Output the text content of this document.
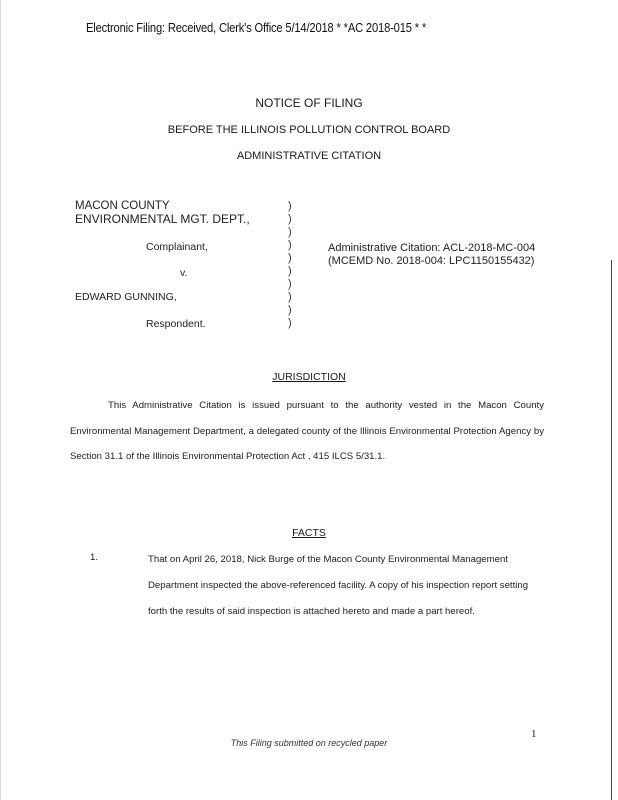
Electronic Filing: Received, Clerk's Office 5/14/2018 * *AC 2018-015 * *
NOTICE OF FILING
BEFORE THE ILLINOIS POLLUTION CONTROL BOARD
ADMINISTRATIVE CITATION
MACON COUNTY
ENVIRONMENTAL MGT. DEPT.,
Complainant,
v.
EDWARD GUNNING,
Respondent.
)
)
)
)
)
)
)
)
)
)
Administrative Citation: ACL-2018-MC-004
(MCEMD No. 2018-004: LPC1150155432)
JURISDICTION
This Administrative Citation is issued pursuant to the authority vested in the Macon County Environmental Management Department, a delegated county of the Illinois Environmental Protection Agency by Section 31.1 of the Illinois Environmental Protection Act , 415 ILCS 5/31.1.
FACTS
1.	That on April 26, 2018, Nick Burge of the Macon County Environmental Management Department inspected the above-referenced facility. A copy of his inspection report setting forth the results of said inspection is attached hereto and made a part hereof.
This Filing submitted on recycled paper
1
